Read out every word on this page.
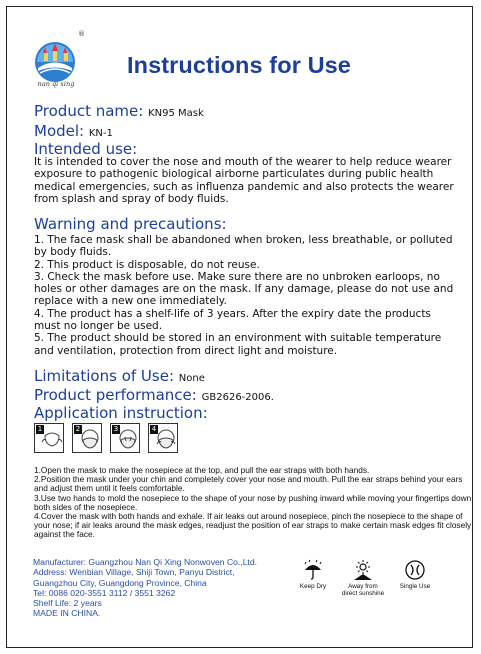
®
nan qi xing
Instructions for Use
Product name: KN95 Mask
Model: KN-1
Intended use:
It is intended to cover the nose and mouth of the wearer to help reduce wearer exposure to pathogenic biological airborne particulates during public health medical emergencies, such as influenza pandemic and also protects the wearer from splash and spray of body fluids.
Warning and precautions:
1. The face mask shall be abandoned when broken, less breathable, or polluted by body fluids.
2. This product is disposable, do not reuse.
3. Check the mask before use. Make sure there are no unbroken earloops, no holes or other damages are on the mask. If any damage, please do not use and replace with a new one immediately.
4. The product has a shelf-life of 3 years. After the expiry date the products must no longer be used.
5. The product should be stored in an environment with suitable temperature and ventilation, protection from direct light and moisture.
Limitations of Use: None
Product performance: GB2626-2006.
Application instruction:
1	2	3	4
1.Open the mask to make the nosepiece at the top, and pull the ear straps with both hands.
2.Position the mask under your chin and completely cover your nose and mouth. Pull the ear straps behind your ears and adjust them until it feels comfortable.
3.Use two hands to mold the nosepiece to the shape of your nose by pushing inward while moving your fingertips down both sides of the nosepiece.
4.Cover the mask with both hands and exhale. If air leaks out around nosepiece, pinch the nosepiece to the shape of your nose; if air leaks around the mask edges, readjust the position of ear straps to make certain mask edges fit closely against the face.
Manufacturer: Guangzhou Nan Qi Xing Nonwoven Co.,Ltd.
Address: Wenbian Village, Shiji Town, Panyu District,
Guangzhou City, Guangdong Province, China
Tel: 0086 020-3551 3112 / 3551 3262
Shelf Life: 2 years
MADE IN CHINA.
Keep Dry	Away from
direct sunshine
Single Use
